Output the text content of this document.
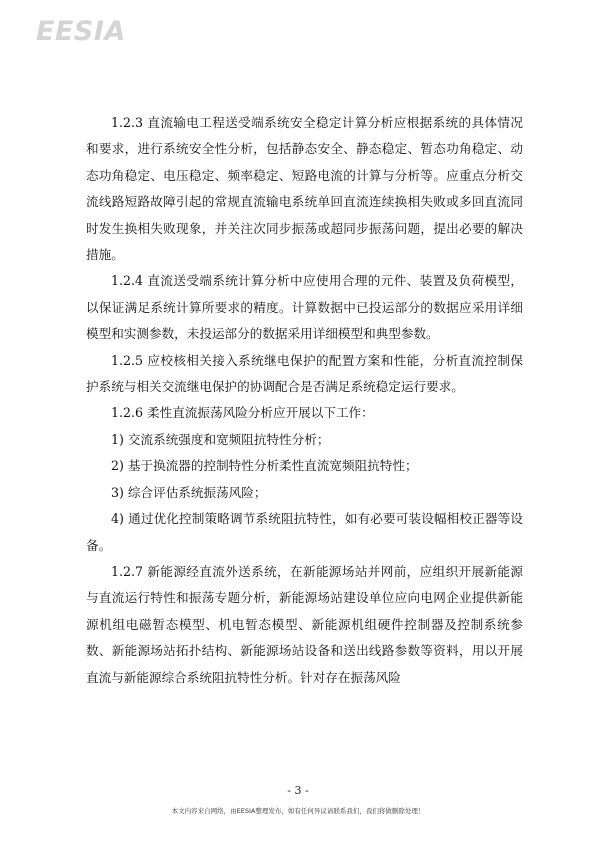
EESIA

1.2.3 直流输电工程送受端系统安全稳定计算分析应根据系统的具体情况和要求，进行系统安全性分析，包括静态安全、静态稳定、暂态功角稳定、动态功角稳定、电压稳定、频率稳定、短路电流的计算与分析等。应重点分析交流线路短路故障引起的常规直流输电系统单回直流连续换相失败或多回直流同时发生换相失败现象，并关注次同步振荡或超同步振荡问题，提出必要的解决措施。

1.2.4 直流送受端系统计算分析中应使用合理的元件、装置及负荷模型，以保证满足系统计算所要求的精度。计算数据中已投运部分的数据应采用详细模型和实测参数，未投运部分的数据采用详细模型和典型参数。

1.2.5 应校核相关接入系统继电保护的配置方案和性能，分析直流控制保护系统与相关交流继电保护的协调配合是否满足系统稳定运行要求。

1.2.6 柔性直流振荡风险分析应开展以下工作：

1) 交流系统强度和宽频阻抗特性分析；

2) 基于换流器的控制特性分析柔性直流宽频阻抗特性；

3) 综合评估系统振荡风险；

4) 通过优化控制策略调节系统阻抗特性，如有必要可装设幅相校正器等设备。

1.2.7 新能源经直流外送系统，在新能源场站并网前，应组织开展新能源与直流运行特性和振荡专题分析，新能源场站建设单位应向电网企业提供新能源机组电磁暂态模型、机电暂态模型、新能源机组硬件控制器及控制系统参数、新能源场站拓扑结构、新能源场站设备和送出线路参数等资料，用以开展直流与新能源综合系统阻抗特性分析。针对存在振荡风险

- 3 -
本文内容来自网络，由EESIA整理发布，如有任何异议请联系我们，我们将做删除处理！
